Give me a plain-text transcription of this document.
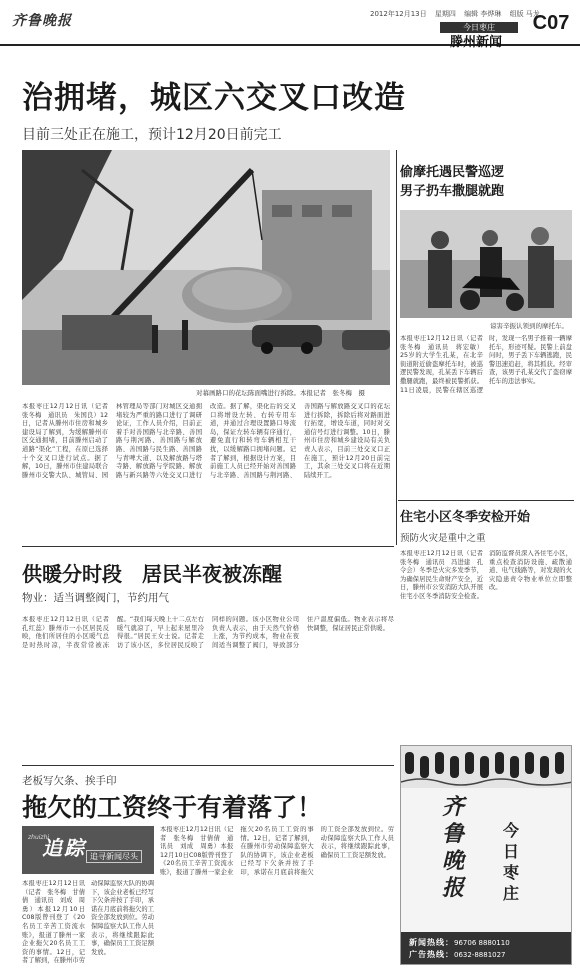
齐鲁晚报	2012年12月13日 星期四 编辑 李烨琳 组版 马龙
今日枣庄
滕州新闻
C07
治拥堵，城区六交叉口改造
目前三处正在施工，预计12月20日前完工
对幕画路口的花坛陈面嘴进行拆除。本报记者　张冬梅　摄
本报枣庄12月12日讯（记者　张冬梅　通讯员　朱国良）12日，记者从滕州市住房和城乡建设局了解到，为缓解滕州市区交通拥堵，目前滕州启动了道路“渠化”工程，在原已选择十个交叉口进行试点。据了解，10日，滕州市住建局联合滕州市交警大队、城管局、园林管理局等部门对城区交通拥堵较为严重的路口进行了调研论证，工作人员介绍，目前正着手对善国路与北辛路、善国路与荆河路、善国路与解放路、善国路与民生路、善国路与青啤大道、以及解放路与塔寺路、解放路与学院路、解放路与新兴路等六处交叉口进行改造。据了解，渠化后的交叉口将增设左转、右转专用车道，并通过合理设置路口导流岛，保证左转车辆有序通行，避免直行和转弯车辆相互干扰，以缓解路口拥堵问题。记者了解到，根据设计方案，目前施工人员已经开始对善国路与北辛路、善国路与荆河路、善国路与解放路交叉口的花坛进行拆除，拆除后将对路面进行拓宽，增设车道，同时对交通信号灯进行调整。10日，滕州市住房和城乡建设局有关负责人表示，目前三处交叉口正在施工，预计12月20日前完工，其余三处交叉口将在近期陆续开工。
偷摩托遇民警巡逻
男子扔车撒腿就跑
谅害辛振认领到的摩托车。
本报枣庄12月12日讯（记者　张冬梅　通讯员　蒋宏敏）25岁的大学生孔某，在北辛街道附近偷盗摩托车时，被巡逻民警发现，孔某丢下车辆后撒腿就跑，最终被民警抓获。11日凌晨，民警在辖区巡逻时，发现一名男子推着一辆摩托车，形迹可疑。民警上前盘问时，男子丢下车辆逃跑，民警迅速追赶，将其抓获。经审查，该男子孔某交代了盗窃摩托车的违法事实。
住宅小区冬季安检开始
预防火灾是重中之重
本报枣庄12月12日讯（记者　张冬梅　通讯员　冯进建　孔令会）冬季是火灾多发季节，为确保居民生命财产安全，近日，滕州市公安消防大队开展住宅小区冬季消防安全检查。消防监督员深入各住宅小区，重点检查消防设施、疏散通道、电气线路等，对发现的火灾隐患责令物业单位立即整改。
供暖分时段　居民半夜被冻醒
物业：适当调整阀门，节约用气
本报枣庄12月12日讯（记者　孔红蕊）滕州市一小区居民反映，他们所居住的小区暖气总是时热时凉，半夜常常被冻醒。“我们每天晚上十二点左右暖气就凉了，早上起来屋里冷得很。”居民王女士说。记者走访了该小区，多位居民反映了同样的问题。该小区物业公司负责人表示，由于天然气价格上涨，为节约成本，物业在夜间适当调整了阀门，导致部分住户温度偏低。物业表示将尽快调整，保证居民正常供暖。
老板写欠条、挨手印
拖欠的工资终于有着落了！
zhuizhi
追踪 追寻新闻尽头
本报枣庄12月12日讯（记者　张冬梅　甘倩倩　通讯员　刘成　周勇）本报12月10日C08版曾刊登了《20名员工辛苦工资流水账》，报道了滕州一家企业拖欠20名员工工资的事情。12日，记者了解到，在滕州市劳动保障监察大队的协调下，该企业老板已经写下欠条并按了手印，承诺在月底前将拖欠的工资全部发放到位。劳动保障监察大队工作人员表示，将继续跟踪此事，确保员工工资足额发放。
本报枣庄12月12日讯（记者　张冬梅　甘倩倩　通讯员　刘成　周勇）本报12月10日C08版曾刊登了《20名员工辛苦工资流水账》，报道了滕州一家企业拖欠20名员工工资的事情。12日，记者了解到，在滕州市劳动保障监察大队的协调下，该企业老板已经写下欠条并按了手印，承诺在月底前将拖欠的工资全部发放到位。劳动保障监察大队工作人员表示，将继续跟踪此事，确保员工工资足额发放。
齐鲁晚报
今日枣庄
新闻热线：96706 8880110
广告热线：0632-8881027
